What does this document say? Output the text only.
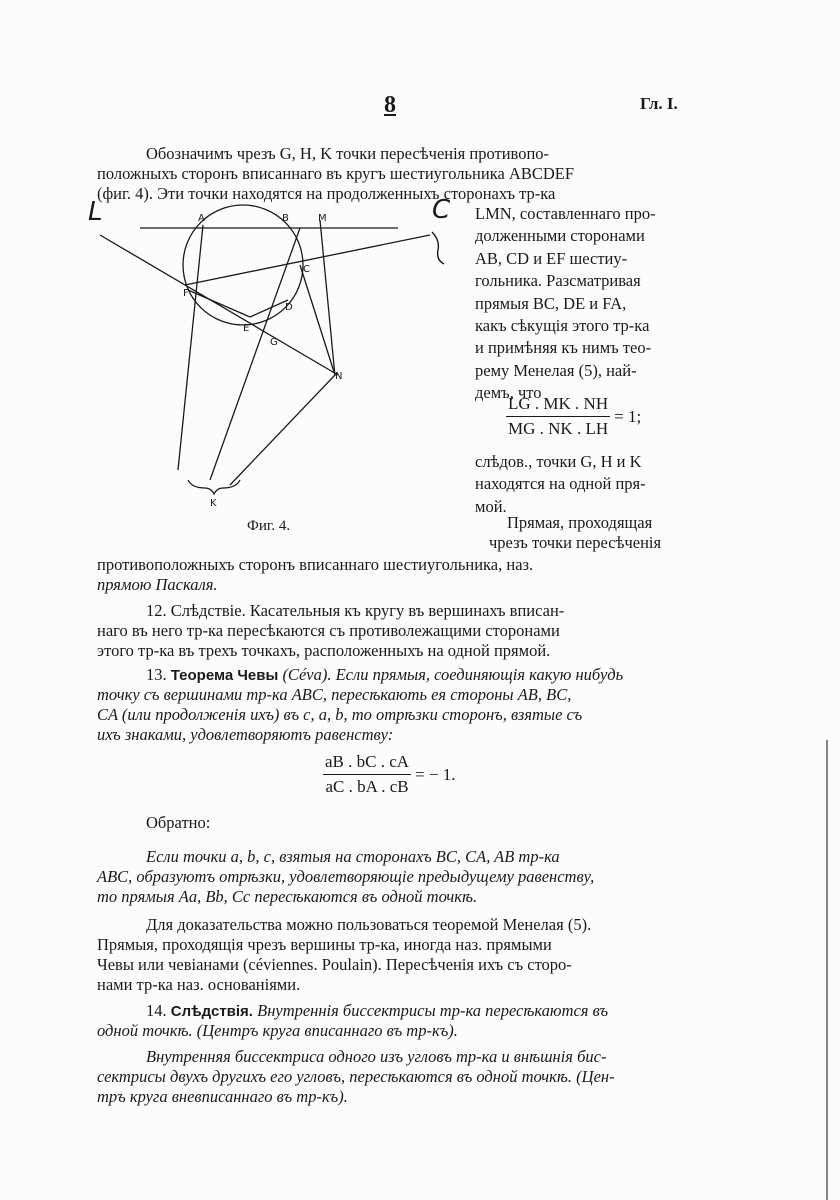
8	Гл. I.
Обозначимъ чрезъ G, H, K точки пересѣченія противопо-
положныхъ сторонъ вписаннаго въ кругъ шестиугольника ABCDEF
(фиг. 4). Эти точки находятся на продолженныхъ сторонахъ тр-ка
A	B	M
C
F
D
E
G
N
K
L	C
Фиг. 4.
LMN, составленнаго про-
долженными сторонами
AB, CD и EF шестиу-
гольника. Разсматривая
прямыя BC, DE и FA,
какъ сѣкущія этого тр-ка
и примѣняя къ нимъ тео-
рему Менелая (5), най-
демъ, что
$\frac{LG . MK . NH}{MG . NK . LH} = 1$;
слѣдов., точки G, H и K
находятся на одной пря-
мой.
Прямая, проходящая
чрезъ точки пересѣченія
противоположныхъ сторонъ вписаннаго шестиугольника, наз.
прямою Паскаля.
12. Слѣдствіе. Касательныя къ кругу въ вершинахъ вписан-
наго въ него тр-ка пересѣкаются съ противолежащими сторонами
этого тр-ка въ трехъ точкахъ, расположенныхъ на одной прямой.
13. Теорема Чевы (Céva). Если прямыя, соединяющія какую нибудь
точку съ вершинами тр-ка ABC, пересѣкають ея стороны AB, BC,
CA (или продолженія ихъ) въ c, a, b, то отрѣзки сторонъ, взятые съ
ихъ знаками, удовлетворяютъ равенству:
$\frac{aB . bC . cA}{aC . bA . cB}$ = − 1.
Обратно:
Если точки a, b, c, взятыя на сторонахъ BC, CA, AB тр-ка
ABC, образуютъ отрѣзки, удовлетворяющіе предыдущему равенству,
то прямыя Aa, Bb, Cc пересѣкаются въ одной точкѣ.
Для доказательства можно пользоваться теоремой Менелая (5).
Прямыя, проходящія чрезъ вершины тр-ка, иногда наз. прямыми
Чевы или чевіанами (céviennes. Poulain). Пересѣченія ихъ съ сторо-
нами тр-ка наз. основаніями.
14. Слѣдствія. Внутреннія биссектрисы тр-ка пересѣкаются въ
одной точкѣ. (Центръ круга вписаннаго въ тр-къ).
Внутренняя биссектриса одного изъ угловъ тр-ка и внѣшнія бис-
сектрисы двухъ другихъ его угловъ, пересѣкаются въ одной точкѣ. (Цен-
тръ круга вневписаннаго въ тр-къ).
